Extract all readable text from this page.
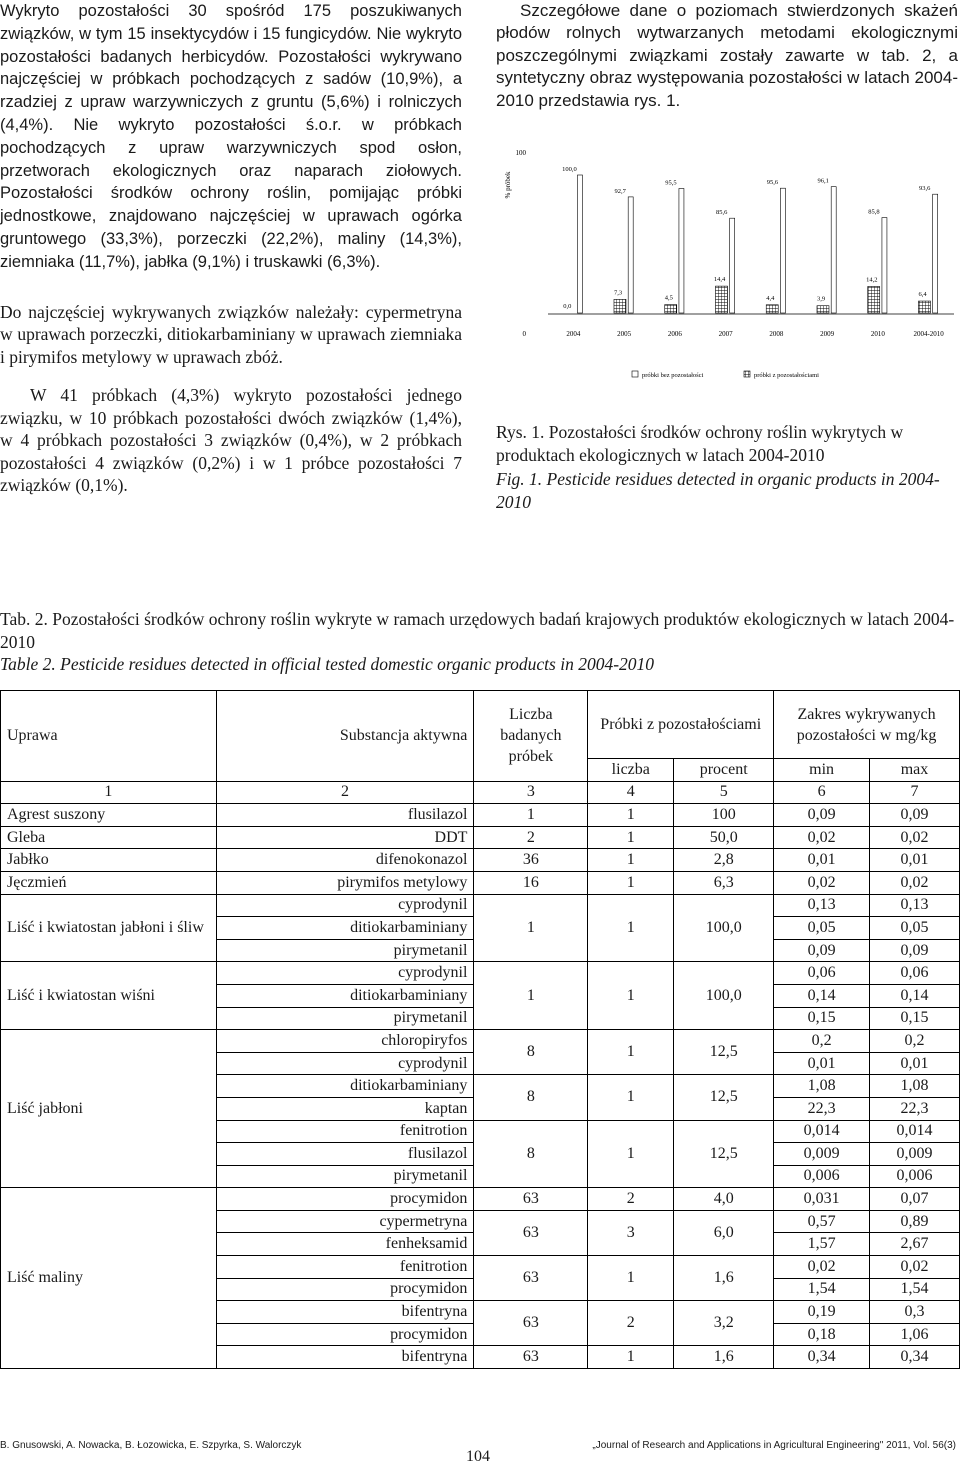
Wykryto pozostałości 30 spośród 175 poszukiwanych związków, w tym 15 insektycydów i 15 fungicydów. Nie wykryto pozostałości badanych herbicydów. Pozostałości wykrywano najczęściej w próbkach pochodzących z sadów (10,9%), a rzadziej z upraw warzywniczych z gruntu (5,6%) i rolniczych (4,4%). Nie wykryto pozostałości ś.o.r. w próbkach pochodzących z upraw warzywniczych spod osłon, przetworach ekologicznych oraz naparach ziołowych. Pozostałości środków ochrony roślin, pomijając próbki jednostkowe, znajdowano najczęściej w uprawach ogórka gruntowego (33,3%), porzeczki (22,2%), maliny (14,3%), ziemniaka (11,7%), jabłka (9,1%) i truskawki (6,3%).

Do najczęściej wykrywanych związków należały: cypermetryna w uprawach porzeczki, ditiokarbaminiany w uprawach ziemniaka i pirymifos metylowy w uprawach zbóż.

W 41 próbkach (4,3%) wykryto pozostałości jednego związku, w 10 próbkach pozostałości dwóch związków (1,4%), w 4 próbkach pozostałości 3 związków (0,4%), w 2 próbkach pozostałości 4 związków (0,2%) i w 1 próbce pozostałości 7 związków (0,1%).

Szczegółowe dane o poziomach stwierdzonych skażeń płodów rolnych wytwarzanych metodami ekologicznymi poszczególnymi związkami zostały zawarte w tab. 2, a syntetyczny obraz występowania pozostałości w latach 2004-2010 przedstawia rys. 1.

% próbek
100
0
100,0
0,0
2004
92,7
7,3
2005
95,5
4,5
2006
85,6
14,4
2007
95,6
4,4
2008
96,1
3,9
2009
85,8
14,2
2010
93,6
6,4
2004-2010
próbki bez pozostałości	próbki z pozostałościami

Rys. 1. Pozostałości środków ochrony roślin wykrytych w produktach ekologicznych w latach 2004-2010

Fig. 1. Pesticide residues detected in organic products in 2004-2010

Tab. 2. Pozostałości środków ochrony roślin wykryte w ramach urzędowych badań krajowych produktów ekologicznych w latach 2004-2010

Table 2. Pesticide residues detected in official tested domestic organic products in 2004-2010

Uprawa	Substancja aktywna	Liczba badanych próbek	Próbki z pozostałościami		Zakres wykrywanych pozostałości w mg/kg	
			liczba	procent	min	max
1	2	3	4	5	6	7
Agrest suszony	flusilazol	1	1	100	0,09	0,09
Gleba	DDT	2	1	50,0	0,02	0,02
Jabłko	difenokonazol	36	1	2,8	0,01	0,01
Jęczmień	pirymifos metylowy	16	1	6,3	0,02	0,02
Liść i kwiatostan jabłoni i śliw	cyprodynil	1	1	100,0	0,13	0,13
	ditiokarbaminiany				0,05	0,05
	pirymetanil				0,09	0,09
Liść i kwiatostan wiśni	cyprodynil	1	1	100,0	0,06	0,06
	ditiokarbaminiany				0,14	0,14
	pirymetanil				0,15	0,15
Liść jabłoni	chloropiryfos	8	1	12,5	0,2	0,2
	cyprodynil				0,01	0,01
	ditiokarbaminiany	8	1	12,5	1,08	1,08
	kaptan				22,3	22,3
	fenitrotion	8	1	12,5	0,014	0,014
	flusilazol				0,009	0,009
	pirymetanil				0,006	0,006
Liść maliny	procymidon	63	2	4,0	0,031	0,07
	cypermetryna	63	3	6,0	0,57	0,89
	fenheksamid				1,57	2,67
	fenitrotion	63	1	1,6	0,02	0,02
	procymidon				1,54	1,54
	bifentryna	63	2	3,2	0,19	0,3
	procymidon				0,18	1,06
	bifentryna	63	1	1,6	0,34	0,34
B. Gnusowski, A. Nowacka, B. Łozowicka, E. Szpyrka, S. Walorczyk
104
„Journal of Research and Applications in Agricultural Engineering" 2011, Vol. 56(3)
